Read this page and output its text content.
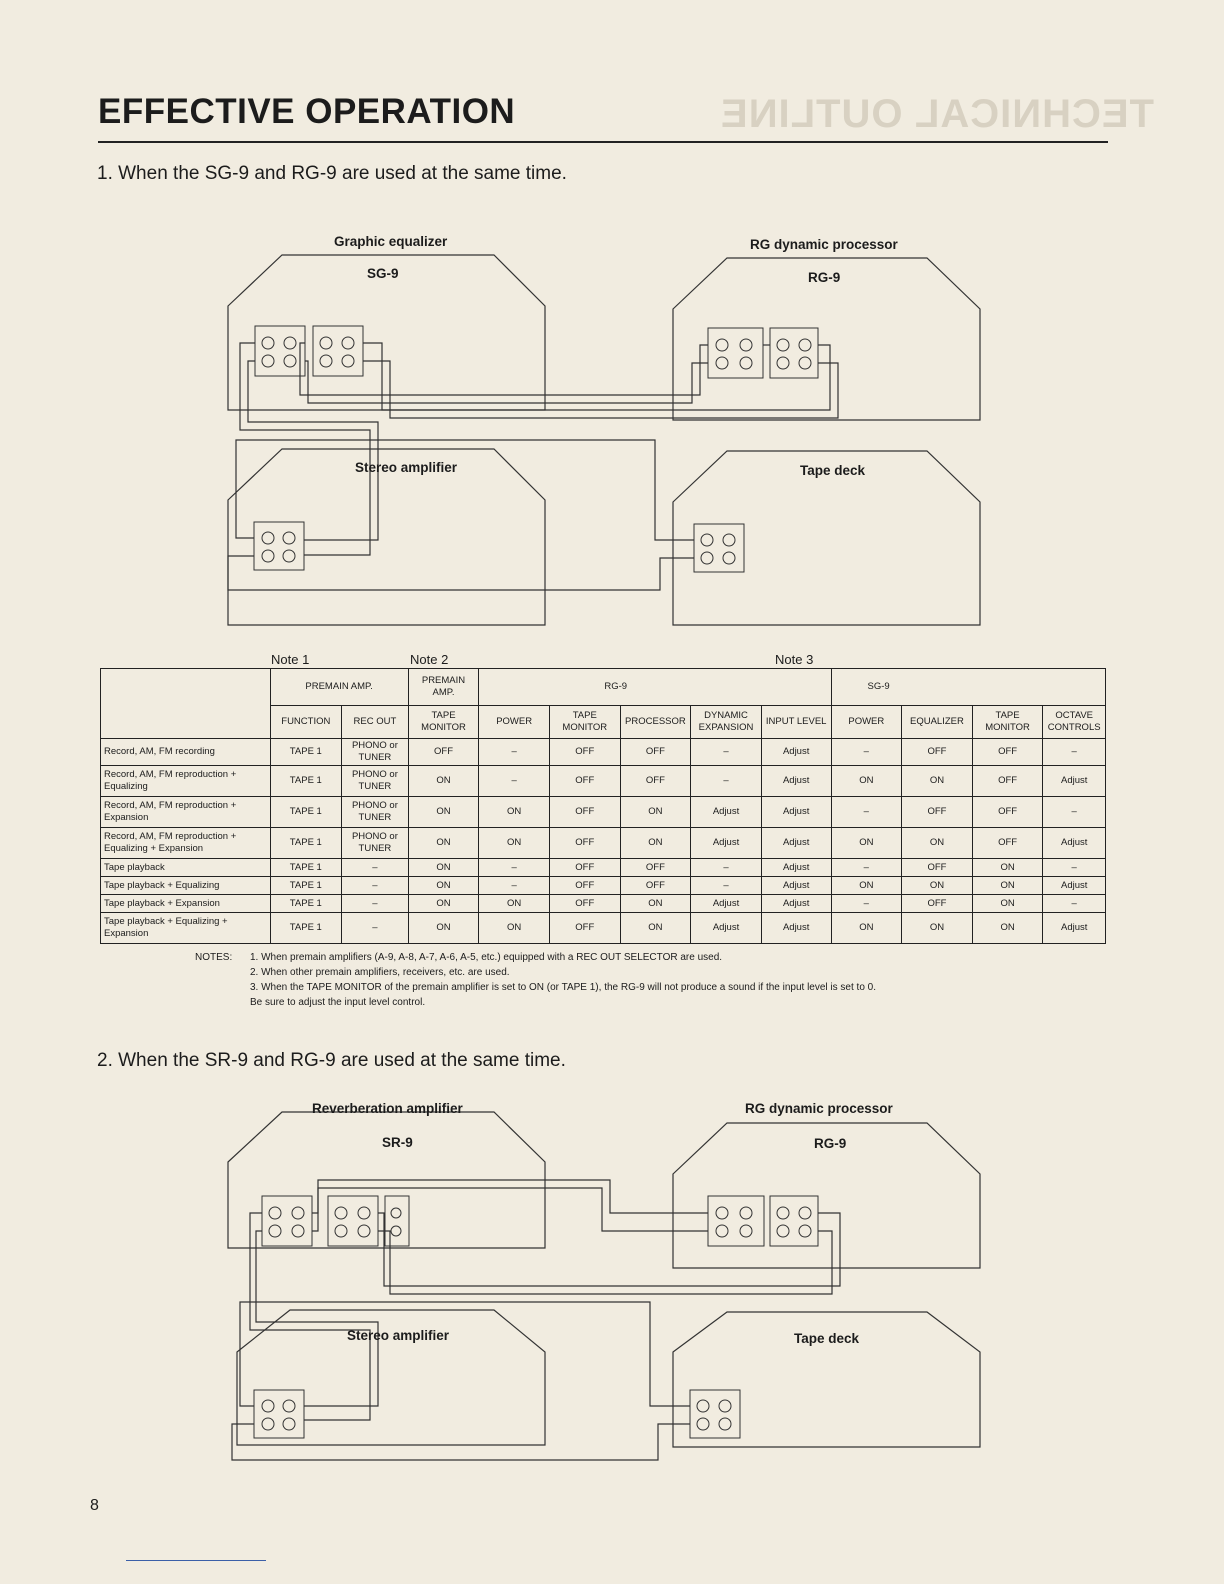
TECHNICAL OUTLINE
EFFECTIVE OPERATION
1. When the SG-9 and RG-9 are used at the same time.
Graphic equalizer
SG-9
RG dynamic processor
RG-9
Stereo amplifier	Tape deck
Note 1	Note 2	Note 3
	PREMAIN AMP.		PREMAIN AMP.	RG-9					SG-9			
	FUNCTION	REC OUT	TAPE MONITOR	POWER	TAPE MONITOR	PROCESSOR	DYNAMIC EXPANSION	INPUT LEVEL	POWER	EQUALIZER	TAPE MONITOR	OCTAVE CONTROLS
Record, AM, FM recording	TAPE 1	PHONO or TUNER	OFF	–	OFF	OFF	–	Adjust	–	OFF	OFF	–
Record, AM, FM reproduction + Equalizing	TAPE 1	PHONO or TUNER	ON	–	OFF	OFF	–	Adjust	ON	ON	OFF	Adjust
Record, AM, FM reproduction + Expansion	TAPE 1	PHONO or TUNER	ON	ON	OFF	ON	Adjust	Adjust	–	OFF	OFF	–
Record, AM, FM reproduction + Equalizing + Expansion	TAPE 1	PHONO or TUNER	ON	ON	OFF	ON	Adjust	Adjust	ON	ON	OFF	Adjust
Tape playback	TAPE 1	–	ON	–	OFF	OFF	–	Adjust	–	OFF	ON	–
Tape playback + Equalizing	TAPE 1	–	ON	–	OFF	OFF	–	Adjust	ON	ON	ON	Adjust
Tape playback + Expansion	TAPE 1	–	ON	ON	OFF	ON	Adjust	Adjust	–	OFF	ON	–
Tape playback + Equalizing + Expansion	TAPE 1	–	ON	ON	OFF	ON	Adjust	Adjust	ON	ON	ON	Adjust
NOTES: 1. When premain amplifiers (A-9, A-8, A-7, A-6, A-5, etc.) equipped with a REC OUT SELECTOR are used.
2. When other premain amplifiers, receivers, etc. are used.
3. When the TAPE MONITOR of the premain amplifier is set to ON (or TAPE 1), the RG-9 will not produce a sound if the input level is set to 0.
Be sure to adjust the input level control.
2. When the SR-9 and RG-9 are used at the same time.
Reverberation amplifier
SR-9
RG dynamic processor
RG-9
Stereo amplifier	Tape deck
8
